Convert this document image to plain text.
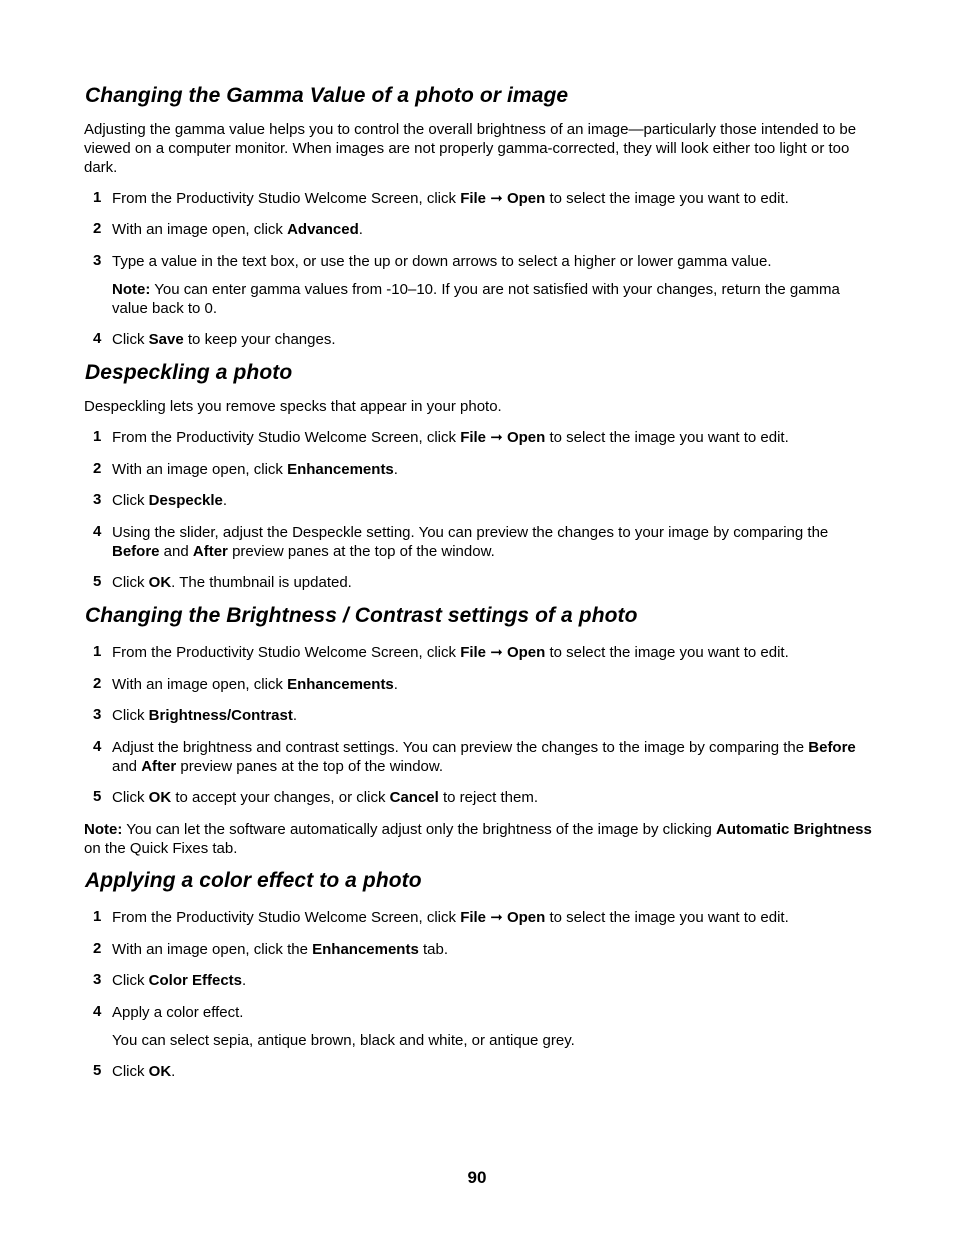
90
Changing the Gamma Value of a photo or image
Adjusting the gamma value helps you to control the overall brightness of an image—particularly those intended to be viewed on a computer monitor. When images are not properly gamma-corrected, they will look either too light or too dark.
1 From the Productivity Studio Welcome Screen, click File ➞ Open to select the image you want to edit.
2 With an image open, click Advanced.
3 Type a value in the text box, or use the up or down arrows to select a higher or lower gamma value.
Note: You can enter gamma values from -10–10. If you are not satisfied with your changes, return the gamma value back to 0.
4 Click Save to keep your changes.
Despeckling a photo
Despeckling lets you remove specks that appear in your photo.
1 From the Productivity Studio Welcome Screen, click File ➞ Open to select the image you want to edit.
2 With an image open, click Enhancements.
3 Click Despeckle.
4 Using the slider, adjust the Despeckle setting. You can preview the changes to your image by comparing the Before and After preview panes at the top of the window.
5 Click OK. The thumbnail is updated.
Changing the Brightness / Contrast settings of a photo
1 From the Productivity Studio Welcome Screen, click File ➞ Open to select the image you want to edit.
2 With an image open, click Enhancements.
3 Click Brightness/Contrast.
4 Adjust the brightness and contrast settings. You can preview the changes to the image by comparing the Before and After preview panes at the top of the window.
5 Click OK to accept your changes, or click Cancel to reject them.
Note: You can let the software automatically adjust only the brightness of the image by clicking Automatic Brightness on the Quick Fixes tab.
Applying a color effect to a photo
1 From the Productivity Studio Welcome Screen, click File ➞ Open to select the image you want to edit.
2 With an image open, click the Enhancements tab.
3 Click Color Effects.
4 Apply a color effect.
You can select sepia, antique brown, black and white, or antique grey.
5 Click OK.
